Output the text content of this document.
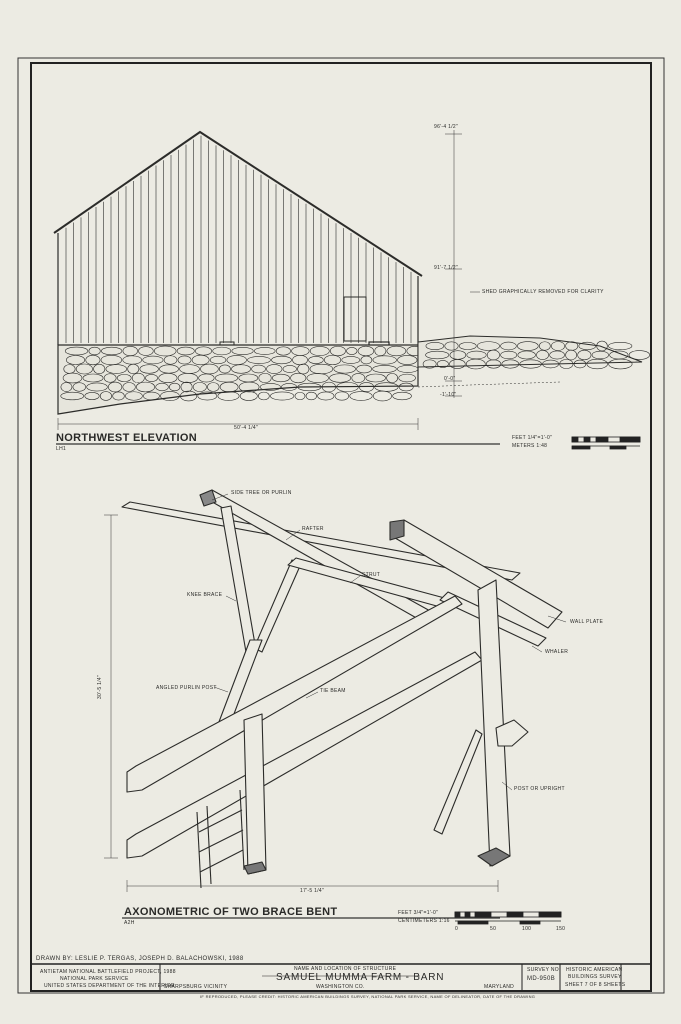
96'-4 1/2"
91'-7 1/2"
0'-0"
-1'-10"
50'-4 1/4"
SHED GRAPHICALLY REMOVED FOR CLARITY
NORTHWEST ELEVATION
LH1
FEET 1/4"=1'-0"
METERS 1:48
SIDE TREE OR PURLIN
RAFTER
KNEE BRACE
STRUT
WALL PLATE
WHALER
ANGLED PURLIN POST	TIE BEAM
POST OR UPRIGHT
30'-5 1/4"
17'-5 1/4"
AXONOMETRIC OF TWO BRACE BENT
A2H
FEET 3/4"=1'-0"
CENTIMETERS 1:16
0	50	100	150
DRAWN BY: LESLIE P. TERGAS, JOSEPH D. BALACHOWSKI, 1988
ANTIETAM NATIONAL BATTLEFIELD PROJECT, 1988
NATIONAL PARK SERVICE
UNITED STATES DEPARTMENT OF THE INTERIOR
SHARPSBURG VICINITY
NAME AND LOCATION OF STRUCTURE
SAMUEL MUMMA FARM - BARN
WASHINGTON CO.	MARYLAND
SURVEY NO.
MD-950B
HISTORIC AMERICAN
BUILDINGS SURVEY
SHEET 7 OF 8 SHEETS
IF REPRODUCED, PLEASE CREDIT: HISTORIC AMERICAN BUILDINGS SURVEY, NATIONAL PARK SERVICE, NAME OF DELINEATOR, DATE OF THE DRAWING
